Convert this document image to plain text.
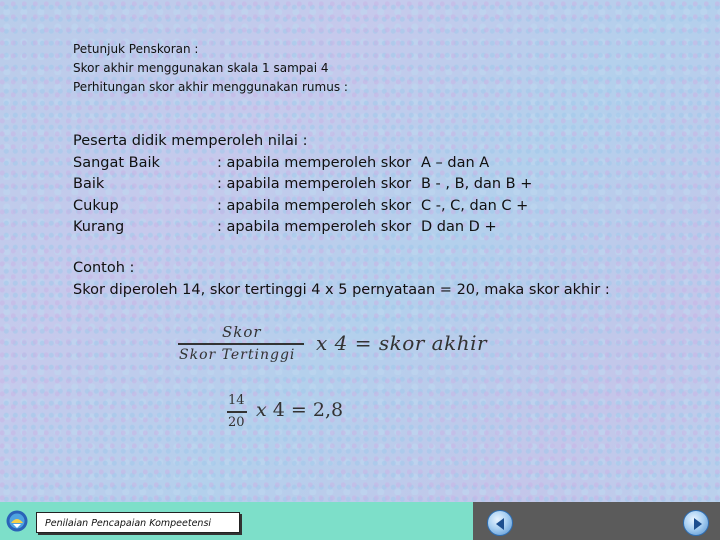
Petunjuk Penskoran :
Skor akhir menggunakan skala 1 sampai 4
Perhitungan skor akhir menggunakan rumus :
Peserta didik memperoleh nilai :
Sangat Baik	: apabila memperoleh skor A – dan A
Baik	: apabila memperoleh skor B - , B, dan B +
Cukup	: apabila memperoleh skor C -, C, dan C +
Kurang	: apabila memperoleh skor D dan D +
Contoh :
Skor diperoleh 14, skor tertinggi 4 x 5 pernyataan = 20, maka skor akhir :
Skor
Skor Tertinggi x 4 = skor akhir
14
20
x 4 = 2,8
Penilaian Pencapaian Kompeetensi
